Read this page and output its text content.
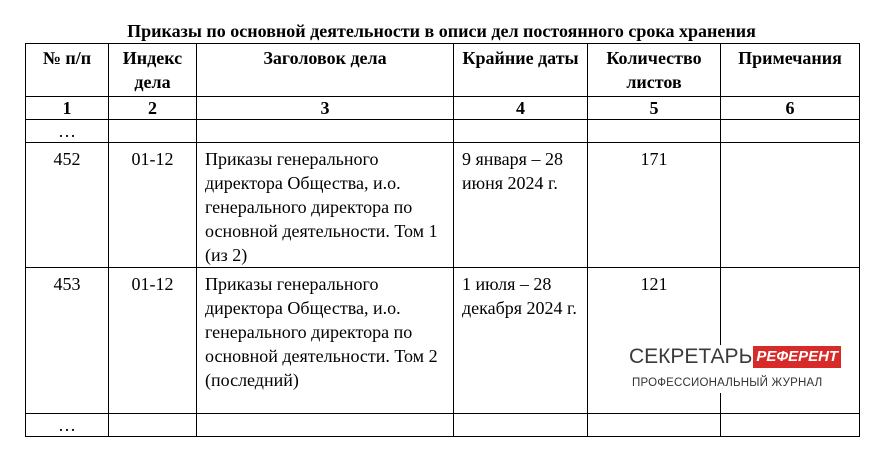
Приказы по основной деятельности в описи дел постоянного срока хранения
№ п/п	Индекс дела	Заголовок дела	Крайние даты	Количество листов	Примечания
1	2	3	4	5	6
…					
452	01-12	Приказы генерального директора Общества, и.о. генерального директора по основной деятельности. Том 1 (из 2)	9 января – 28 июня 2024 г.	171	
453	01-12	Приказы генерального директора Общества, и.о. генерального директора по основной деятельности. Том 2 (последний)	1 июля – 28 декабря 2024 г.	121	
…					
СЕКРЕТАРЬ РЕФЕРЕНТ
ПРОФЕССИОНАЛЬНЫЙ ЖУРНАЛ
